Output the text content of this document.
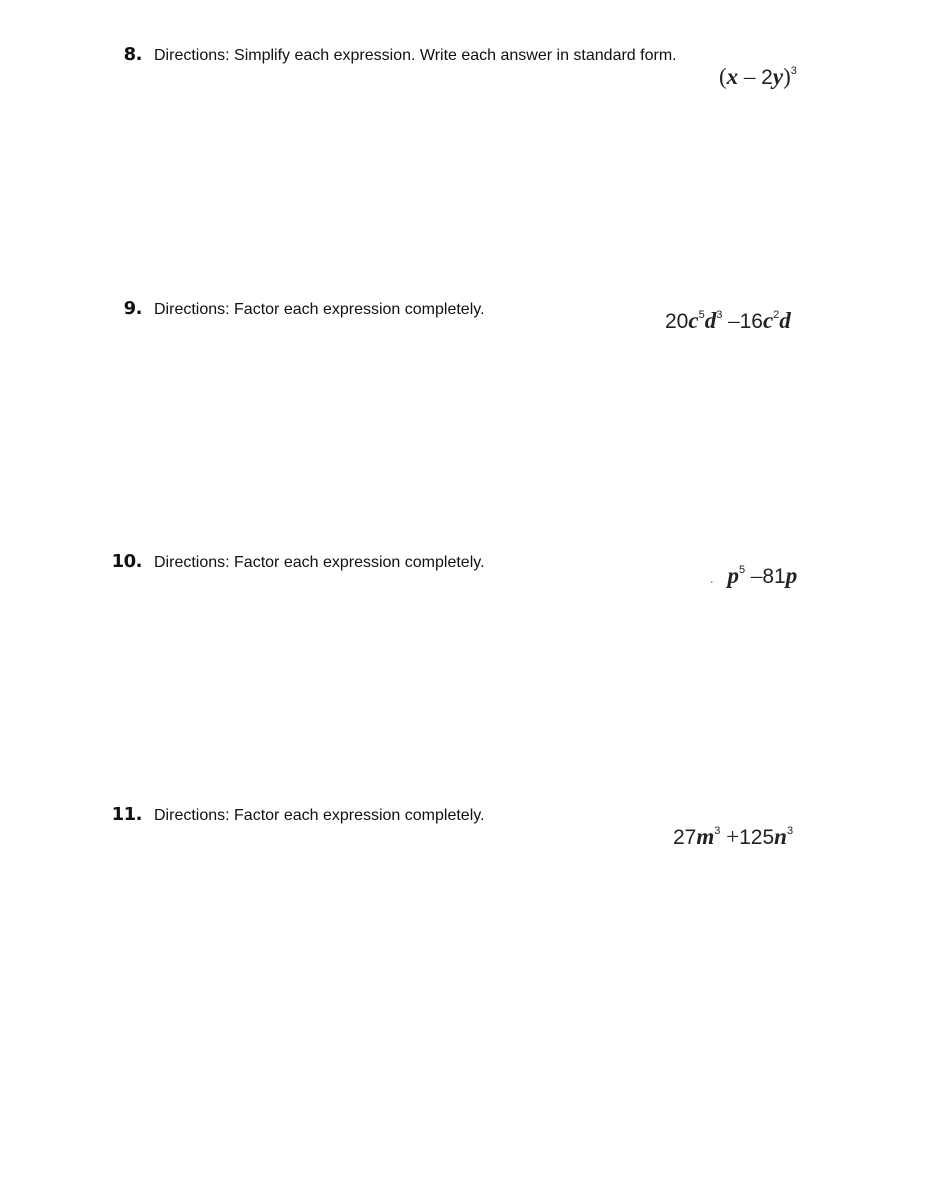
8. Directions: Simplify each expression. Write each answer in standard form.
(x – 2y)$^3$
9. Directions: Factor each expression completely.
$20c^5d^3$ $-16c^2d$
10. Directions: Factor each expression completely.
. $p^5$ –81p
11. Directions: Factor each expression completely.
$27m^3 +125n^3$
